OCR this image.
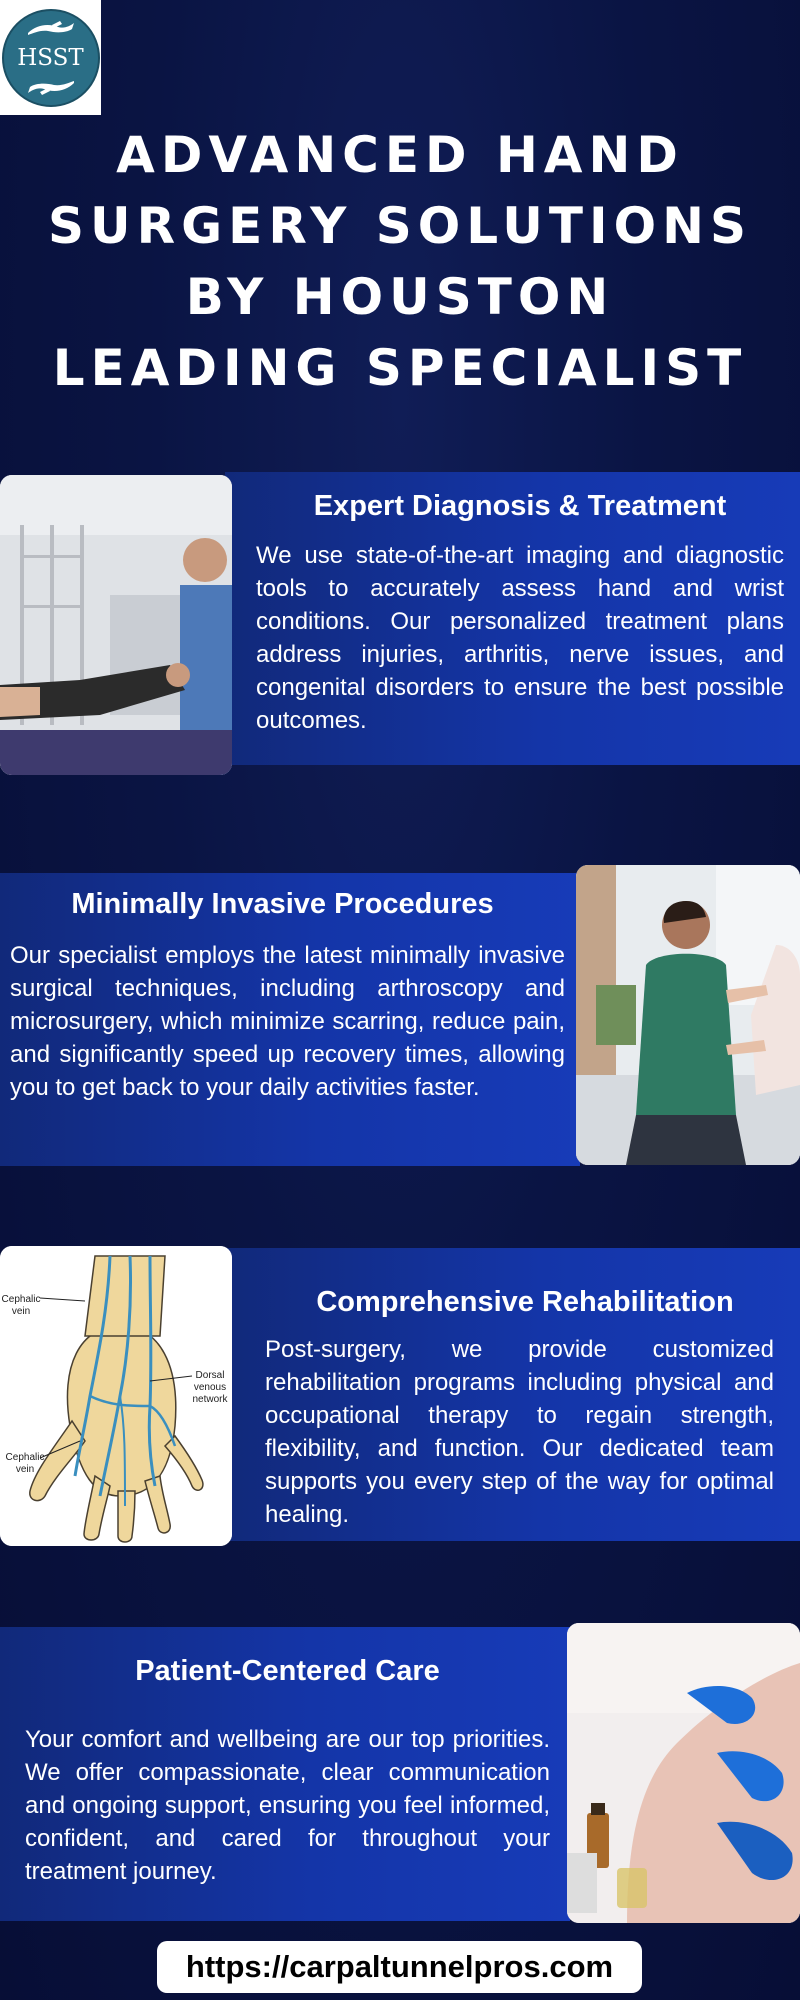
HSST
ADVANCED HAND SURGERY SOLUTIONS BY HOUSTON LEADING SPECIALIST
Expert Diagnosis & Treatment

We use state-of-the-art imaging and diagnostic tools to accurately assess hand and wrist conditions. Our personalized treatment plans address injuries, arthritis, nerve issues, and congenital disorders to ensure the best possible outcomes.

Minimally Invasive Procedures

Our specialist employs the latest minimally invasive surgical techniques, including arthroscopy and microsurgery, which minimize scarring, reduce pain, and significantly speed up recovery times, allowing you to get back to your daily activities faster.

Cephalic vein
Dorsal venous network
Cephalic vein
Comprehensive Rehabilitation

Post-surgery, we provide customized rehabilitation programs including physical and occupational therapy to regain strength, flexibility, and function. Our dedicated team supports you every step of the way for optimal healing.

Patient-Centered Care

Your comfort and wellbeing are our top priorities. We offer compassionate, clear communication and ongoing support, ensuring you feel informed, confident, and cared for throughout your treatment journey.

https://carpaltunnelpros.com
